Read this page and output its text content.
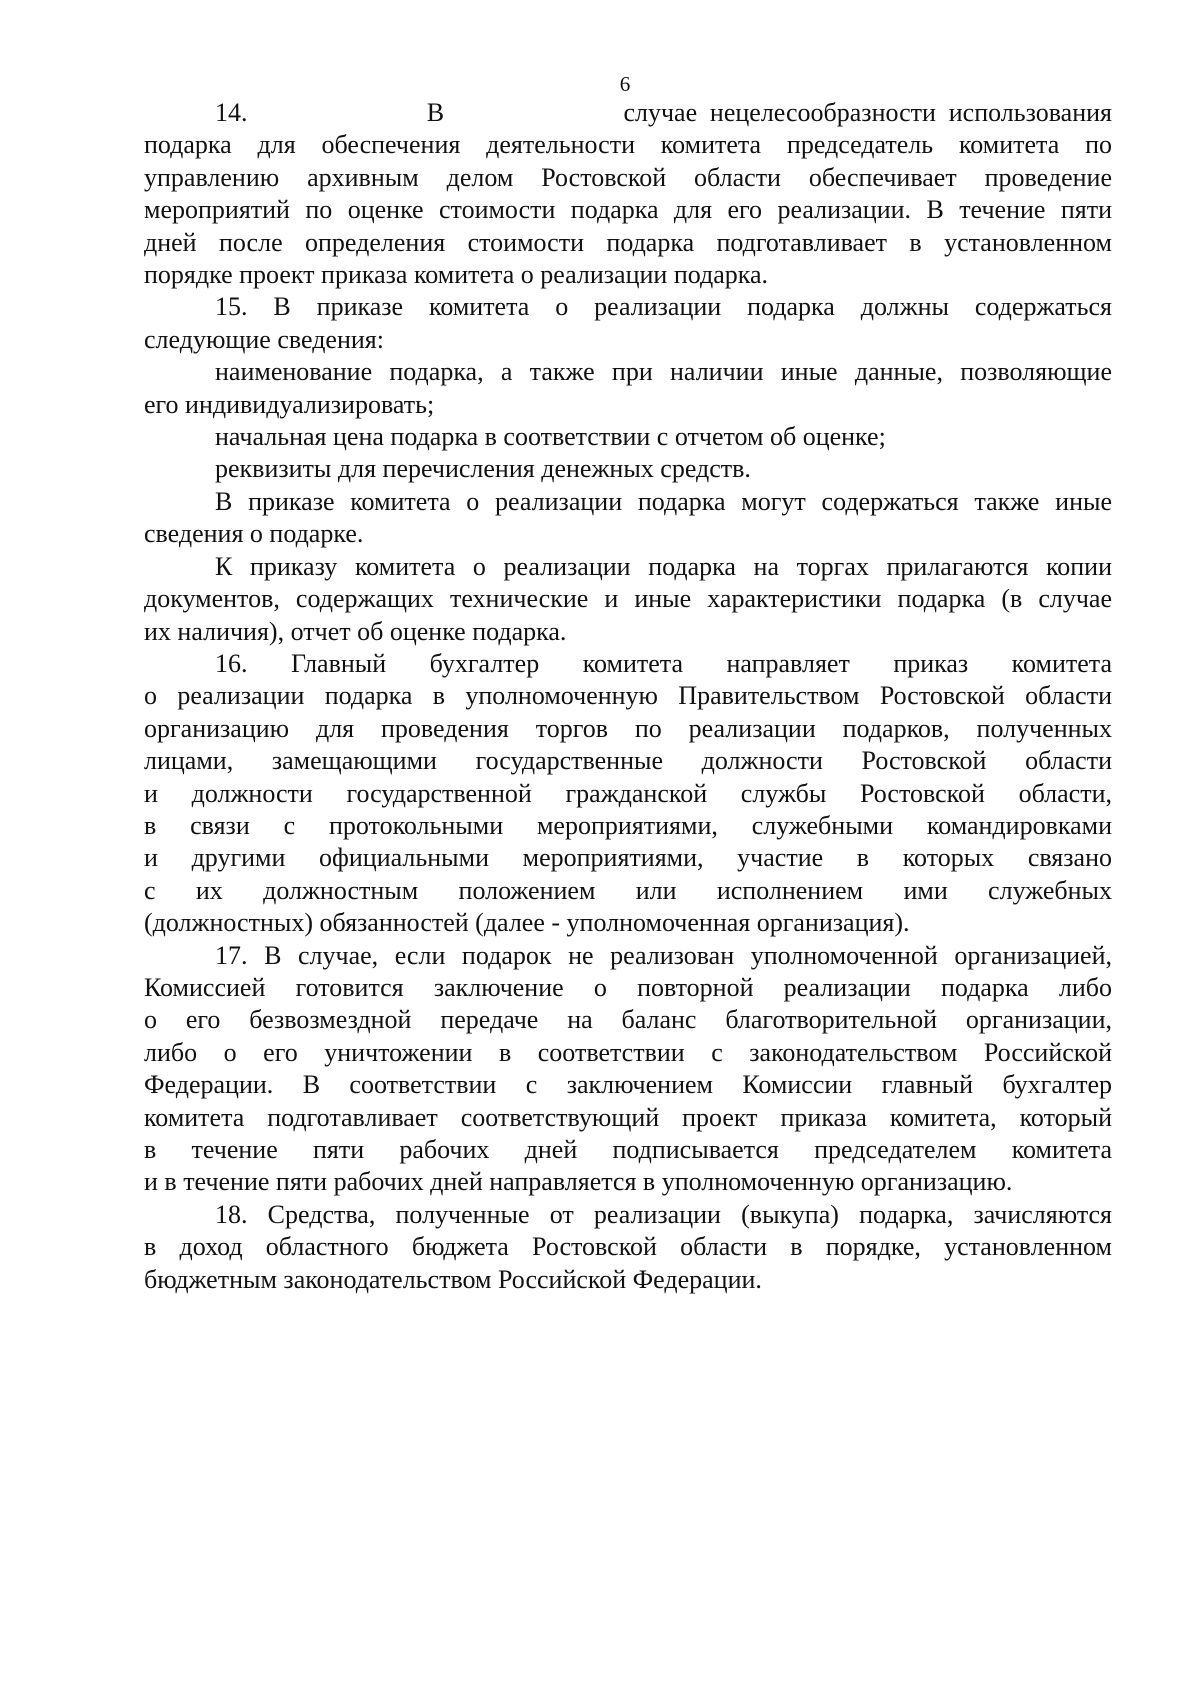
6
14.              В              случае нецелесообразности использования
подарка для обеспечения деятельности комитета председатель комитета по
управлению архивным делом Ростовской области обеспечивает проведение
мероприятий по оценке стоимости подарка для его реализации. В течение пяти
дней после определения стоимости подарка подготавливает в установленном
порядке проект приказа комитета о реализации подарка.
15. В приказе комитета о реализации подарка должны содержаться
следующие сведения:
наименование подарка, а также при наличии иные данные, позволяющие
его индивидуализировать;
начальная цена подарка в соответствии с отчетом об оценке;
реквизиты для перечисления денежных средств.
В приказе комитета о реализации подарка могут содержаться также иные
сведения о подарке.
К приказу комитета о реализации подарка на торгах прилагаются копии
документов, содержащих технические и иные характеристики подарка (в случае
их наличия), отчет об оценке подарка.
16. Главный бухгалтер комитета направляет приказ комитета
о реализации подарка в уполномоченную Правительством Ростовской области
организацию для проведения торгов по реализации подарков, полученных
лицами, замещающими государственные должности Ростовской области
и должности государственной гражданской службы Ростовской области,
в связи с протокольными мероприятиями, служебными командировками
и другими официальными мероприятиями, участие в которых связано
с их должностным положением или исполнением ими служебных
(должностных) обязанностей (далее - уполномоченная организация).
17. В случае, если подарок не реализован уполномоченной организацией,
Комиссией готовится заключение о повторной реализации подарка либо
о его безвозмездной передаче на баланс благотворительной организации,
либо о его уничтожении в соответствии с законодательством Российской
Федерации. В соответствии с заключением Комиссии главный бухгалтер
комитета подготавливает соответствующий проект приказа комитета, который
в течение пяти рабочих дней подписывается председателем комитета
и в течение пяти рабочих дней направляется в уполномоченную организацию.
18. Средства, полученные от реализации (выкупа) подарка, зачисляются
в доход областного бюджета Ростовской области в порядке, установленном
бюджетным законодательством Российской Федерации.
